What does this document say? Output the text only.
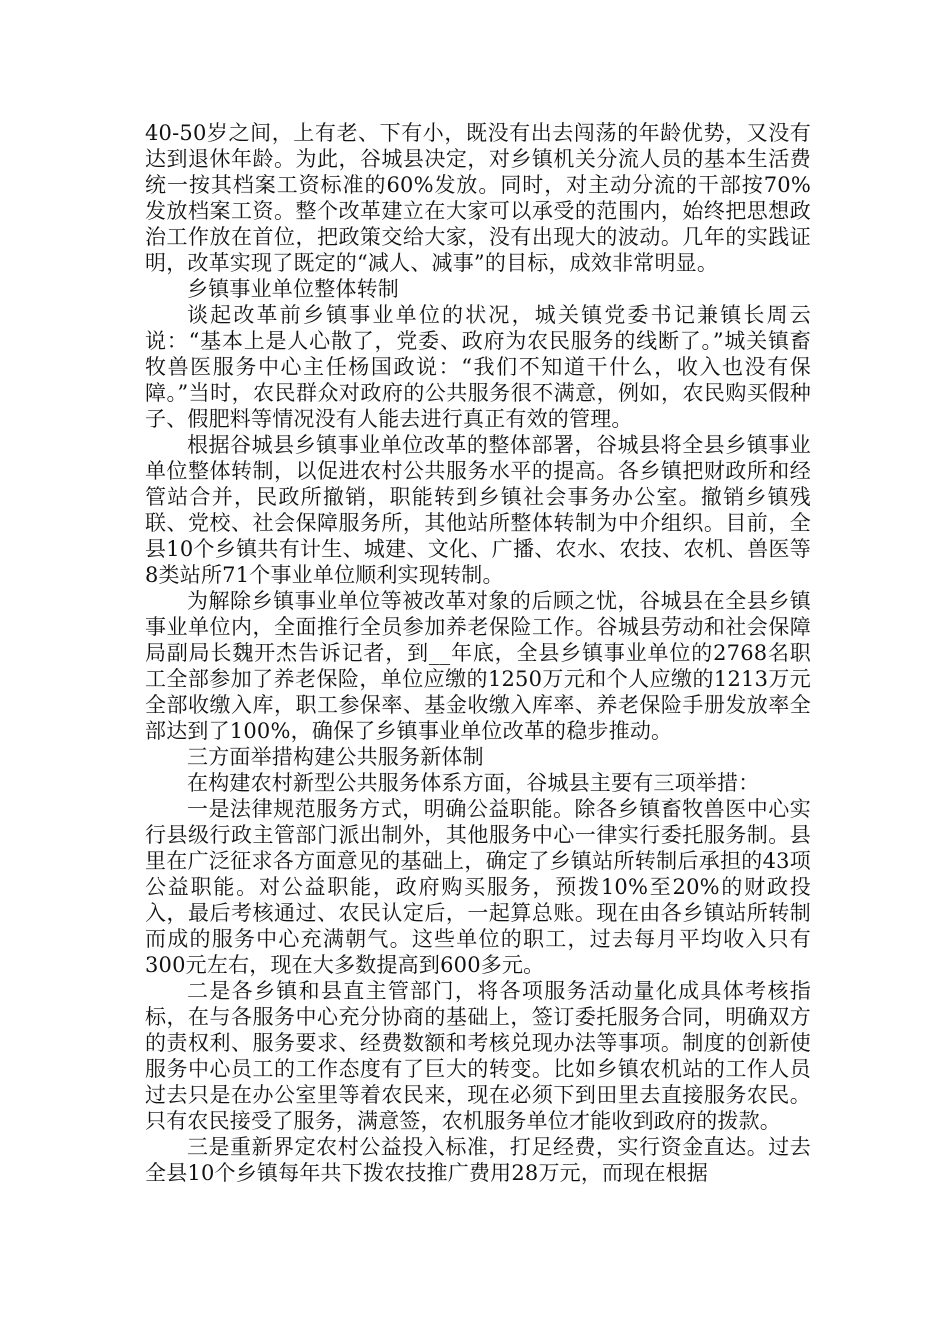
40-50岁之间，上有老、下有小，既没有出去闯荡的年龄优势，又没有达到退休年龄。为此，谷城县决定，对乡镇机关分流人员的基本生活费统一按其档案工资标准的60%发放。同时，对主动分流的干部按70%发放档案工资。整个改革建立在大家可以承受的范围内，始终把思想政治工作放在首位，把政策交给大家，没有出现大的波动。几年的实践证明，改革实现了既定的“减人、减事”的目标，成效非常明显。

乡镇事业单位整体转制

谈起改革前乡镇事业单位的状况，城关镇党委书记兼镇长周云说：“基本上是人心散了，党委、政府为农民服务的线断了。”城关镇畜牧兽医服务中心主任杨国政说：“我们不知道干什么，收入也没有保障。”当时，农民群众对政府的公共服务很不满意，例如，农民购买假种子、假肥料等情况没有人能去进行真正有效的管理。

根据谷城县乡镇事业单位改革的整体部署，谷城县将全县乡镇事业单位整体转制，以促进农村公共服务水平的提高。各乡镇把财政所和经管站合并，民政所撤销，职能转到乡镇社会事务办公室。撤销乡镇残联、党校、社会保障服务所，其他站所整体转制为中介组织。目前，全县10个乡镇共有计生、城建、文化、广播、农水、农技、农机、兽医等8类站所71个事业单位顺利实现转制。

为解除乡镇事业单位等被改革对象的后顾之忧，谷城县在全县乡镇事业单位内，全面推行全员参加养老保险工作。谷城县劳动和社会保障局副局长魏开杰告诉记者，到__年底，全县乡镇事业单位的2768名职工全部参加了养老保险，单位应缴的1250万元和个人应缴的1213万元全部收缴入库，职工参保率、基金收缴入库率、养老保险手册发放率全部达到了100%，确保了乡镇事业单位改革的稳步推动。

三方面举措构建公共服务新体制

在构建农村新型公共服务体系方面，谷城县主要有三项举措：

一是法律规范服务方式，明确公益职能。除各乡镇畜牧兽医中心实行县级行政主管部门派出制外，其他服务中心一律实行委托服务制。县里在广泛征求各方面意见的基础上，确定了乡镇站所转制后承担的43项公益职能。对公益职能，政府购买服务，预拨10%至20%的财政投入，最后考核通过、农民认定后，一起算总账。现在由各乡镇站所转制而成的服务中心充满朝气。这些单位的职工，过去每月平均收入只有300元左右，现在大多数提高到600多元。

二是各乡镇和县直主管部门，将各项服务活动量化成具体考核指标，在与各服务中心充分协商的基础上，签订委托服务合同，明确双方的责权利、服务要求、经费数额和考核兑现办法等事项。制度的创新使服务中心员工的工作态度有了巨大的转变。比如乡镇农机站的工作人员过去只是在办公室里等着农民来，现在必须下到田里去直接服务农民。只有农民接受了服务，满意签，农机服务单位才能收到政府的拨款。

三是重新界定农村公益投入标准，打足经费，实行资金直达。过去全县10个乡镇每年共下拨农技推广费用28万元，而现在根据
